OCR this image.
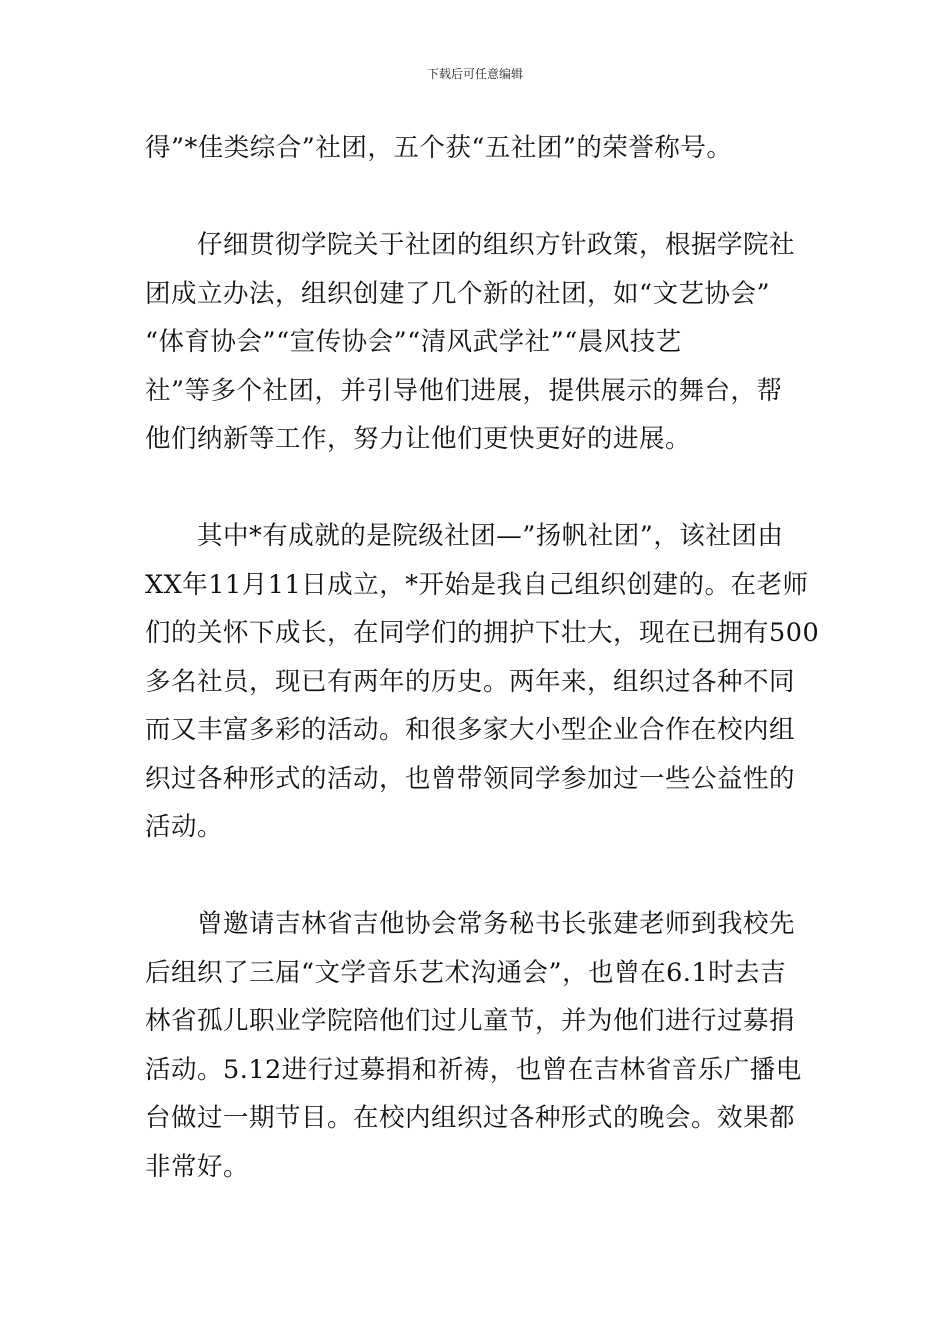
下载后可任意编辑

得”*佳类综合”社团，五个获“五社团”的荣誉称号。

　　仔细贯彻学院关于社团的组织方针政策，根据学院社
团成立办法，组织创建了几个新的社团，如“文艺协会”
“体育协会”“宣传协会”“清风武学社”“晨风技艺
社”等多个社团，并引导他们进展，提供展示的舞台，帮
他们纳新等工作，努力让他们更快更好的进展。

　　其中*有成就的是院级社团—”扬帆社团”，该社团由
XX年11月11日成立，*开始是我自己组织创建的。在老师
们的关怀下成长，在同学们的拥护下壮大，现在已拥有500
多名社员，现已有两年的历史。两年来，组织过各种不同
而又丰富多彩的活动。和很多家大小型企业合作在校内组
织过各种形式的活动，也曾带领同学参加过一些公益性的
活动。

　　曾邀请吉林省吉他协会常务秘书长张建老师到我校先
后组织了三届“文学音乐艺术沟通会”，也曾在6.1时去吉
林省孤儿职业学院陪他们过儿童节，并为他们进行过募捐
活动。5.12进行过募捐和祈祷，也曾在吉林省音乐广播电
台做过一期节目。在校内组织过各种形式的晚会。效果都
非常好。
